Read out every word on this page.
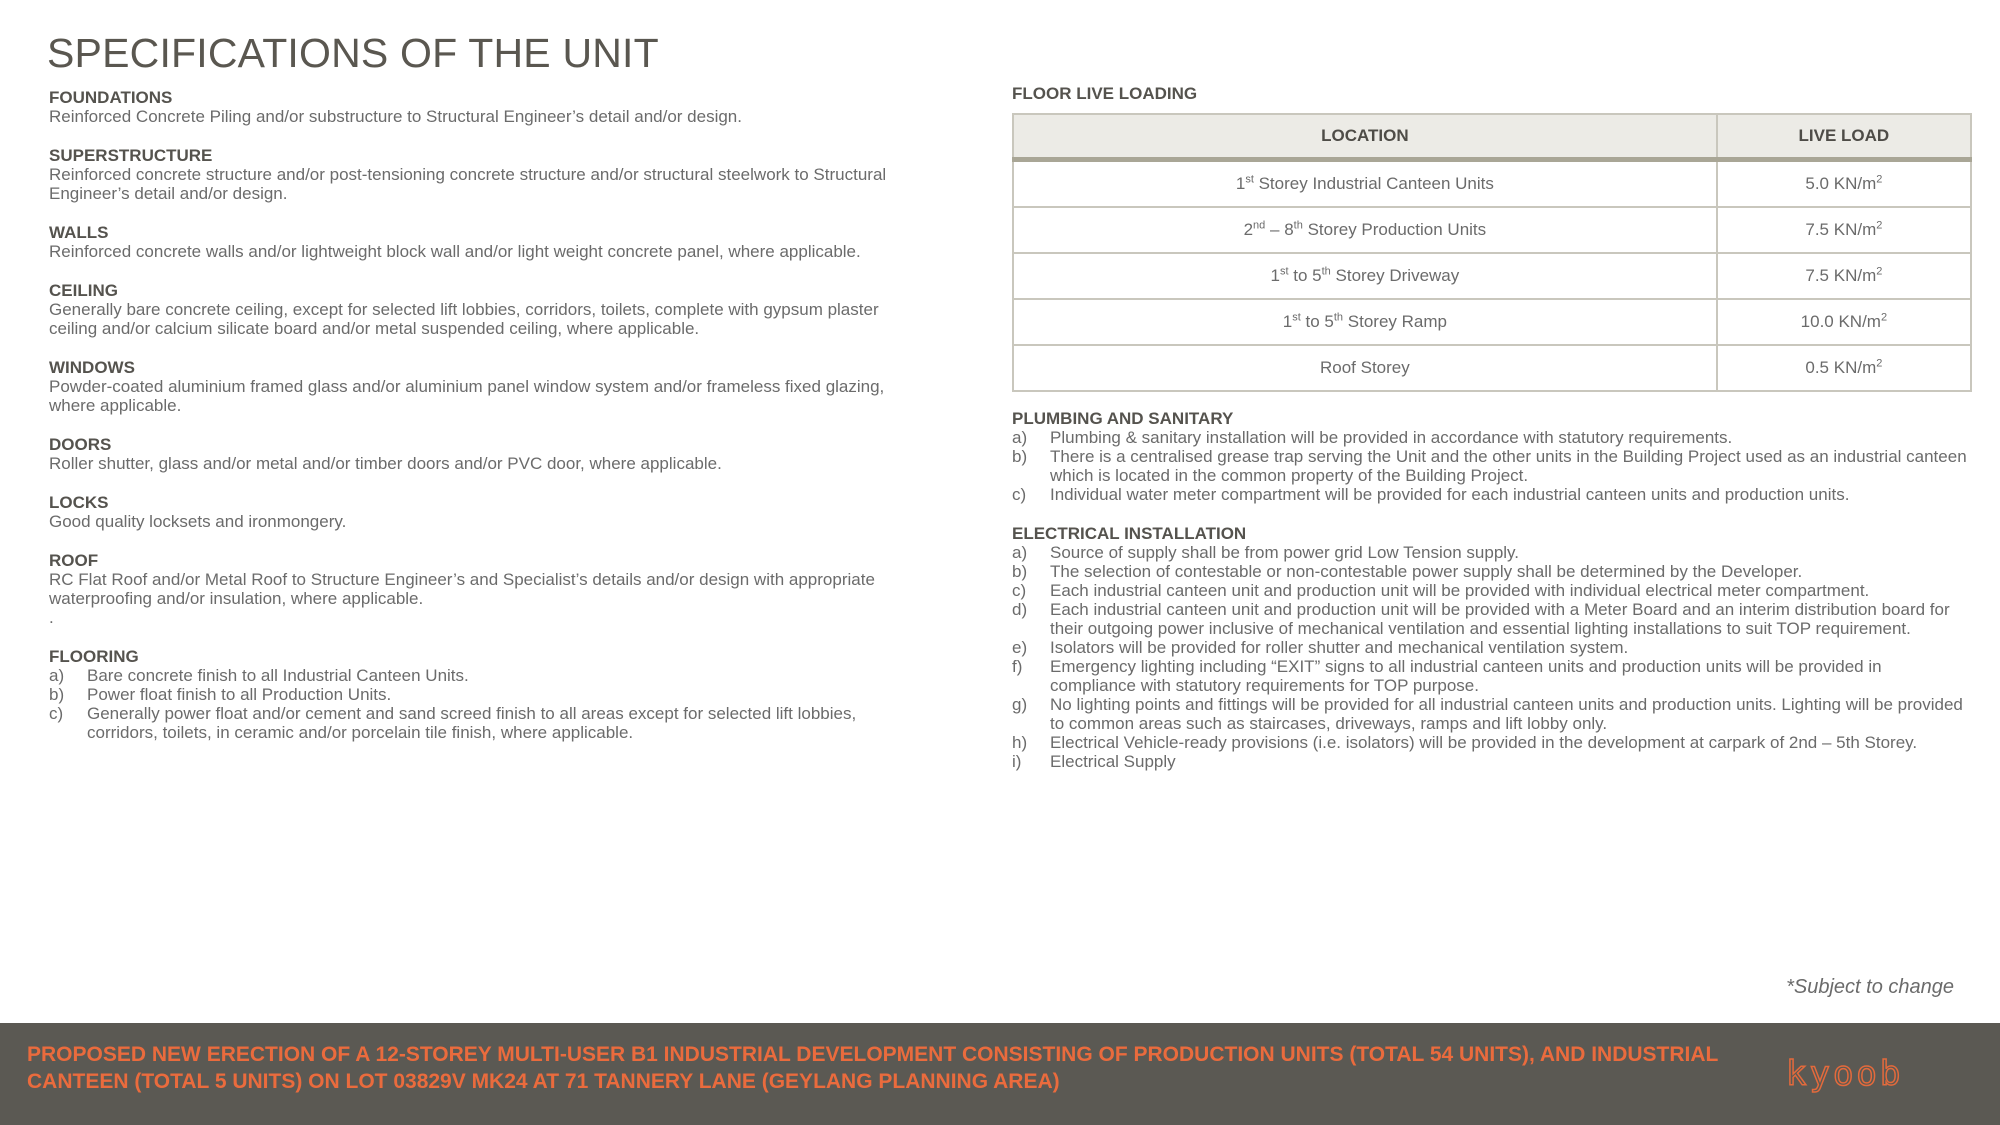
SPECIFICATIONS OF THE UNIT
FOUNDATIONS
Reinforced Concrete Piling and/or substructure to Structural Engineer’s detail and/or design.
SUPERSTRUCTURE
Reinforced concrete structure and/or post-tensioning concrete structure and/or structural steelwork to Structural Engineer’s detail and/or design.
WALLS
Reinforced concrete walls and/or lightweight block wall and/or light weight concrete panel, where applicable.
CEILING
Generally bare concrete ceiling, except for selected lift lobbies, corridors, toilets, complete with gypsum plaster ceiling and/or calcium silicate board and/or metal suspended ceiling, where applicable.
WINDOWS
Powder-coated aluminium framed glass and/or aluminium panel window system and/or frameless fixed glazing, where applicable.
DOORS
Roller shutter, glass and/or metal and/or timber doors and/or PVC door, where applicable.
LOCKS
Good quality locksets and ironmongery.
ROOF
RC Flat Roof and/or Metal Roof to Structure Engineer’s and Specialist’s details and/or design with appropriate waterproofing and/or insulation, where applicable.
.
FLOORING
a)	Bare concrete finish to all Industrial Canteen Units.
b)	Power float finish to all Production Units.
c)	Generally power float and/or cement and sand screed finish to all areas except for selected lift lobbies, corridors, toilets, in ceramic and/or porcelain tile finish, where applicable.
FLOOR LIVE LOADING
LOCATION	LIVE LOAD
1st Storey Industrial Canteen Units	5.0 $KN/m^2$
2nd – 8th Storey Production Units	7.5 $KN/m^2$
1st to 5th Storey Driveway	7.5 $KN/m^2$
1st to 5th Storey Ramp	10.0 $KN/m^2$
Roof Storey	0.5 $KN/m^2$
PLUMBING AND SANITARY
a)	Plumbing & sanitary installation will be provided in accordance with statutory requirements.
b)	There is a centralised grease trap serving the Unit and the other units in the Building Project used as an industrial canteen which is located in the common property of the Building Project.
c)	Individual water meter compartment will be provided for each industrial canteen units and production units.
ELECTRICAL INSTALLATION
a)	Source of supply shall be from power grid Low Tension supply.
b)	The selection of contestable or non-contestable power supply shall be determined by the Developer.
c)	Each industrial canteen unit and production unit will be provided with individual electrical meter compartment.
d)	Each industrial canteen unit and production unit will be provided with a Meter Board and an interim distribution board for their outgoing power inclusive of mechanical ventilation and essential lighting installations to suit TOP requirement.
e)	Isolators will be provided for roller shutter and mechanical ventilation system.
f)	Emergency lighting including “EXIT” signs to all industrial canteen units and production units will be provided in compliance with statutory requirements for TOP purpose.
g)	No lighting points and fittings will be provided for all industrial canteen units and production units. Lighting will be provided to common areas such as staircases, driveways, ramps and lift lobby only.
h)	Electrical Vehicle-ready provisions (i.e. isolators) will be provided in the development at carpark of 2nd – 5th Storey.
i)	Electrical Supply
*Subject to change
PROPOSED NEW ERECTION OF A 12-STOREY MULTI-USER B1 INDUSTRIAL DEVELOPMENT CONSISTING OF PRODUCTION UNITS (TOTAL 54 UNITS), AND INDUSTRIAL CANTEEN (TOTAL 5 UNITS) ON LOT 03829V MK24 AT 71 TANNERY LANE (GEYLANG PLANNING AREA)	kyoob
